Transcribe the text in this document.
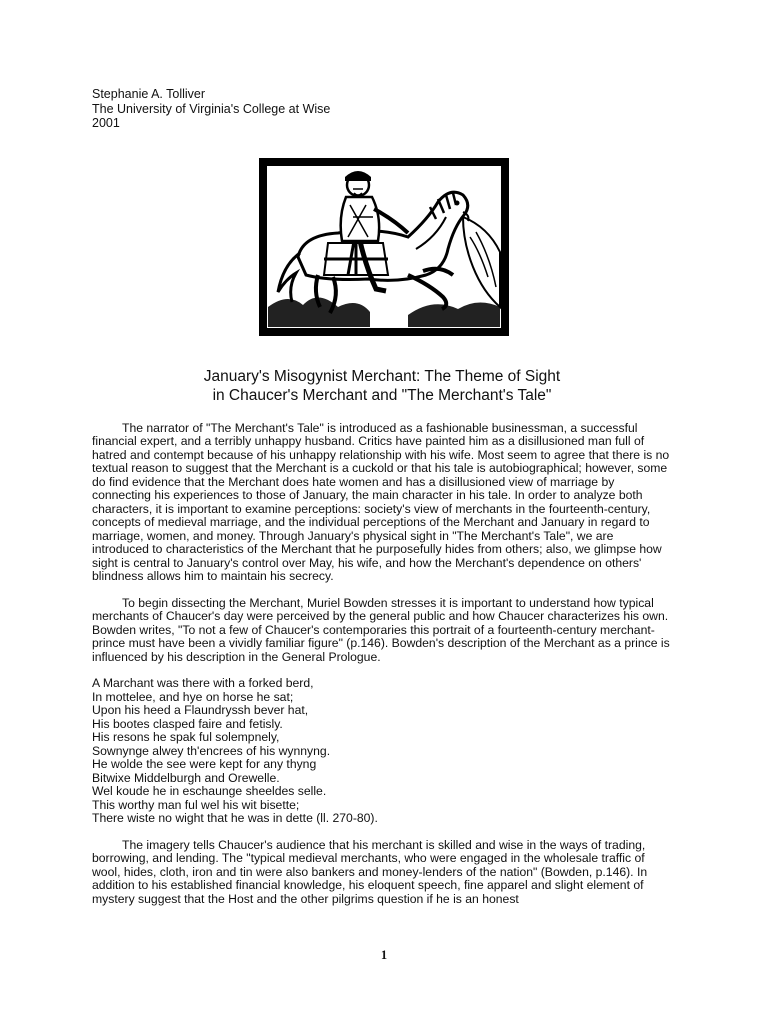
Stephanie A. Tolliver
The University of Virginia's College at Wise
2001
January's Misogynist Merchant: The Theme of Sight
in Chaucer's Merchant and "The Merchant's Tale"

The narrator of "The Merchant's Tale" is introduced as a fashionable businessman, a successful financial expert, and a terribly unhappy husband. Critics have painted him as a disillusioned man full of hatred and contempt because of his unhappy relationship with his wife. Most seem to agree that there is no textual reason to suggest that the Merchant is a cuckold or that his tale is autobiographical; however, some do find evidence that the Merchant does hate women and has a disillusioned view of marriage by connecting his experiences to those of January, the main character in his tale. In order to analyze both characters, it is important to examine perceptions: society's view of merchants in the fourteenth-century, concepts of medieval marriage, and the individual perceptions of the Merchant and January in regard to marriage, women, and money. Through January's physical sight in "The Merchant's Tale", we are introduced to characteristics of the Merchant that he purposefully hides from others; also, we glimpse how sight is central to January's control over May, his wife, and how the Merchant's dependence on others' blindness allows him to maintain his secrecy.

To begin dissecting the Merchant, Muriel Bowden stresses it is important to understand how typical merchants of Chaucer's day were perceived by the general public and how Chaucer characterizes his own. Bowden writes, "To not a few of Chaucer's contemporaries this portrait of a fourteenth-century merchant-prince must have been a vividly familiar figure" (p.146). Bowden's description of the Merchant as a prince is influenced by his description in the General Prologue.

A Marchant was there with a forked berd,
In mottelee, and hye on horse he sat;
Upon his heed a Flaundryssh bever hat,
His bootes clasped faire and fetisly.
His resons he spak ful solempnely,
Sownynge alwey th'encrees of his wynnyng.
He wolde the see were kept for any thyng
Bitwixe Middelburgh and Orewelle.
Wel koude he in eschaunge sheeldes selle.
This worthy man ful wel his wit bisette;
There wiste no wight that he was in dette (ll. 270-80).

The imagery tells Chaucer's audience that his merchant is skilled and wise in the ways of trading, borrowing, and lending. The "typical medieval merchants, who were engaged in the wholesale traffic of wool, hides, cloth, iron and tin were also bankers and money-lenders of the nation" (Bowden, p.146). In addition to his established financial knowledge, his eloquent speech, fine apparel and slight element of mystery suggest that the Host and the other pilgrims question if he is an honest

1
